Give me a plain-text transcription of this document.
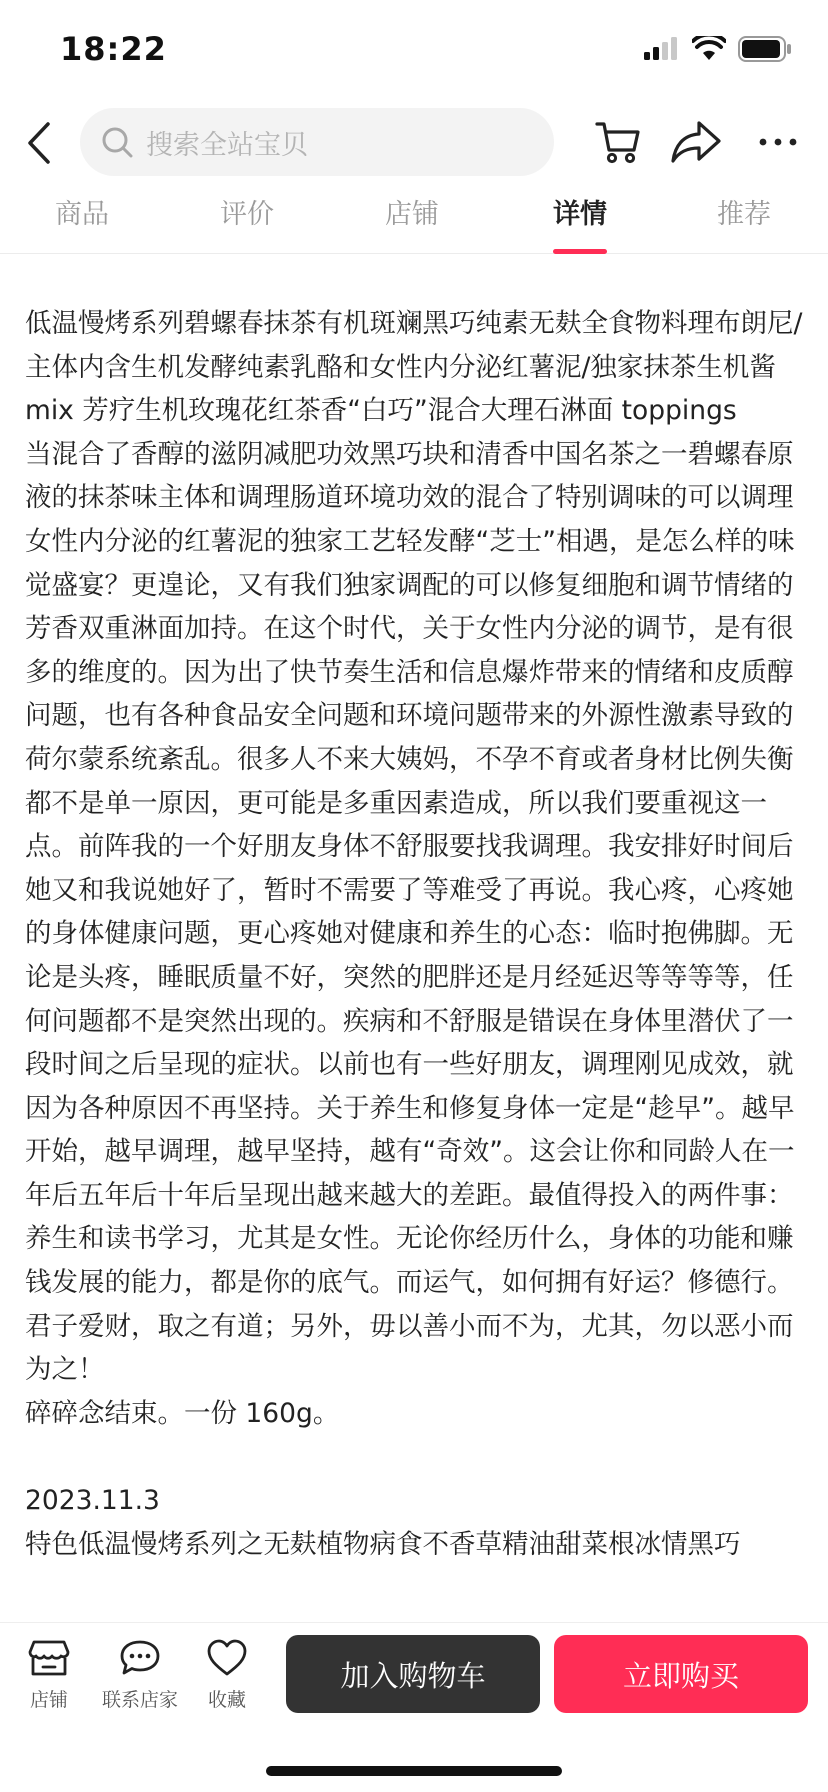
18:22
搜索全站宝贝
商品	评价	店铺	详情	推荐
低温慢烤系列碧螺春抹茶有机斑斓黑巧纯素无麸全食物料理布朗尼/主体内含生机发酵纯素乳酪和女性内分泌红薯泥/独家抹茶生机酱 mix 芳疗生机玫瑰花红茶香“白巧”混合大理石淋面 toppings
当混合了香醇的滋阴减肥功效黑巧块和清香中国名茶之一碧螺春原液的抹茶味主体和调理肠道环境功效的混合了特别调味的可以调理女性内分泌的红薯泥的独家工艺轻发酵“芝士”相遇，是怎么样的味觉盛宴？更遑论，又有我们独家调配的可以修复细胞和调节情绪的芳香双重淋面加持。在这个时代，关于女性内分泌的调节，是有很多的维度的。因为出了快节奏生活和信息爆炸带来的情绪和皮质醇问题，也有各种食品安全问题和环境问题带来的外源性激素导致的荷尔蒙系统紊乱。很多人不来大姨妈，不孕不育或者身材比例失衡都不是单一原因，更可能是多重因素造成，所以我们要重视这一点。前阵我的一个好朋友身体不舒服要找我调理。我安排好时间后她又和我说她好了，暂时不需要了等难受了再说。我心疼，心疼她的身体健康问题，更心疼她对健康和养生的心态：临时抱佛脚。无论是头疼，睡眠质量不好，突然的肥胖还是月经延迟等等等等，任何问题都不是突然出现的。疾病和不舒服是错误在身体里潜伏了一段时间之后呈现的症状。以前也有一些好朋友，调理刚见成效，就因为各种原因不再坚持。关于养生和修复身体一定是“趁早”。越早开始，越早调理，越早坚持，越有“奇效”。这会让你和同龄人在一年后五年后十年后呈现出越来越大的差距。最值得投入的两件事：养生和读书学习，尤其是女性。无论你经历什么，身体的功能和赚钱发展的能力，都是你的底气。而运气，如何拥有好运？修德行。君子爱财，取之有道；另外，毋以善小而不为，尤其，勿以恶小而为之！
碎碎念结束。一份 160g。
2023.11.3
特色低温慢烤系列之无麸植物病食不香草精油甜菜根冰情黑巧
店铺 联系店家 收藏
加入购物车	立即购买
